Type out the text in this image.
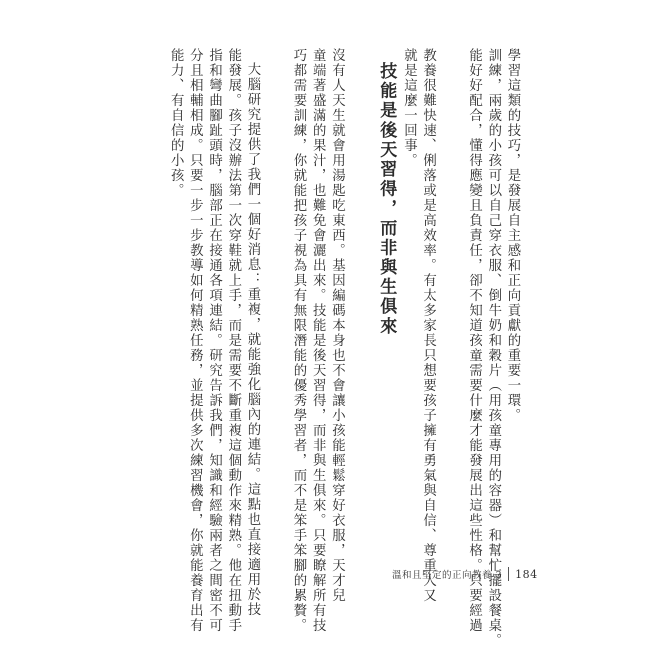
學習這類的技巧，是發展自主感和正向貢獻的重要一環。

訓練，兩歲的小孩可以自己穿衣服、倒牛奶和穀片（用孩童專用的容器）和幫忙擺設餐桌。

能好好配合，懂得應變且負責任，卻不知道孩童需要什麼才能發展出這些性格。只要經過

教養很難快速、俐落或是高效率。有太多家長只想要孩子擁有勇氣與自信、尊重人又

就是這麼一回事。

技能是後天習得，而非與生俱來

沒有人天生就會用湯匙吃東西。基因編碼本身也不會讓小孩能輕鬆穿好衣服，天才兒

童端著盛滿的果汁，也難免會灑出來。技能是後天習得，而非與生俱來。只要瞭解所有技

巧都需要訓練，你就能把孩子視為具有無限潛能的優秀學習者，而不是笨手笨腳的累贅。

大腦研究提供了我們一個好消息：重複，就能強化腦內的連結。這點也直接適用於技

能發展。孩子沒辦法第一次穿鞋就上手，而是需要不斷重複這個動作來精熟。他在扭動手

指和彎曲腳趾頭時，腦部正在接通各項連結。研究告訴我們，知識和經驗兩者之間密不可

分且相輔相成。只要一步一步教導如何精熟任務，並提供多次練習機會，你就能養育出有

能力、有自信的小孩。

溫和且堅定的正向教養 3 184
